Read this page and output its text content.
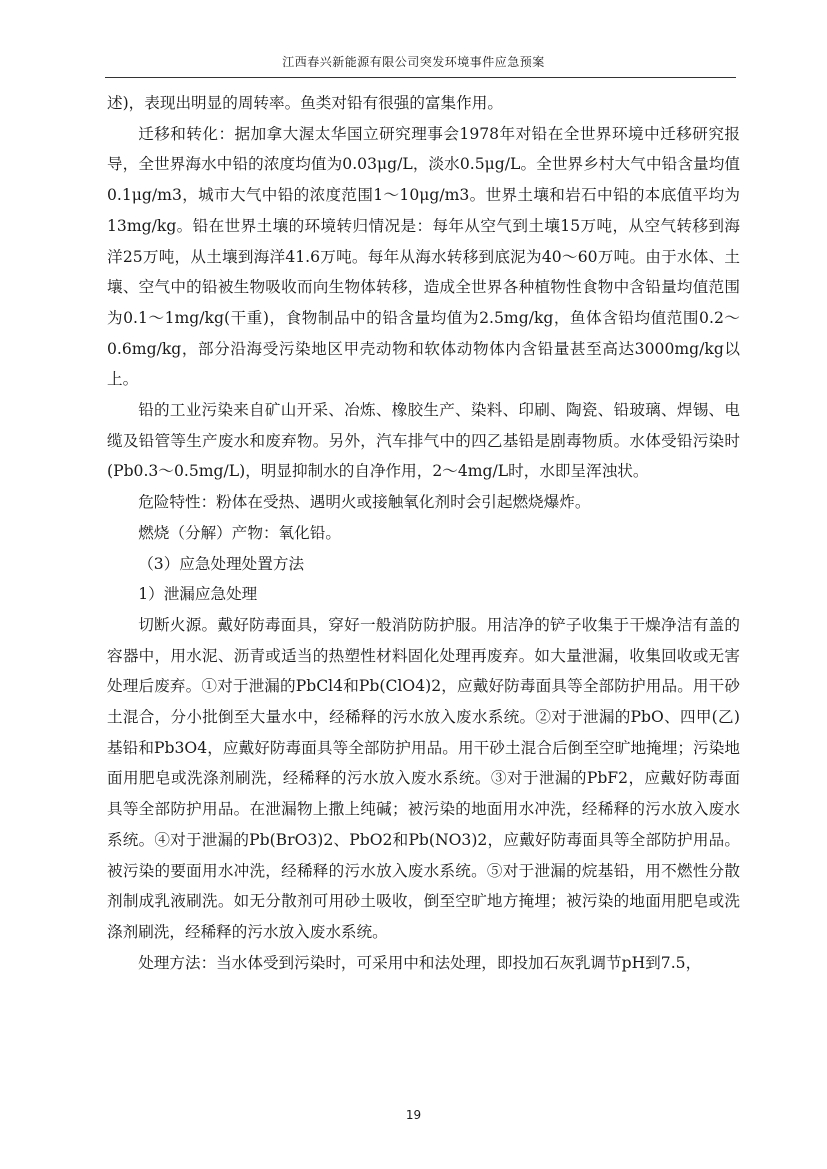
江西春兴新能源有限公司突发环境事件应急预案

述)，表现出明显的周转率。鱼类对铅有很强的富集作用。

迁移和转化：据加拿大渥太华国立研究理事会1978年对铅在全世界环境中迁移研究报导，全世界海水中铅的浓度均值为0.03μg/L，淡水0.5μg/L。全世界乡村大气中铅含量均值0.1μg/m3，城市大气中铅的浓度范围1～10μg/m3。世界土壤和岩石中铅的本底值平均为13mg/kg。铅在世界土壤的环境转归情况是：每年从空气到土壤15万吨，从空气转移到海洋25万吨，从土壤到海洋41.6万吨。每年从海水转移到底泥为40～60万吨。由于水体、土壤、空气中的铅被生物吸收而向生物体转移，造成全世界各种植物性食物中含铅量均值范围为0.1～1mg/kg(干重)，食物制品中的铅含量均值为2.5mg/kg，鱼体含铅均值范围0.2～0.6mg/kg，部分沿海受污染地区甲壳动物和软体动物体内含铅量甚至高达3000mg/kg以上。

铅的工业污染来自矿山开采、冶炼、橡胶生产、染料、印刷、陶瓷、铅玻璃、焊锡、电缆及铅管等生产废水和废弃物。另外，汽车排气中的四乙基铅是剧毒物质。水体受铅污染时(Pb0.3～0.5mg/L)，明显抑制水的自净作用，2～4mg/L时，水即呈浑浊状。

危险特性：粉体在受热、遇明火或接触氧化剂时会引起燃烧爆炸。

燃烧（分解）产物：氧化铅。

（3）应急处理处置方法

1）泄漏应急处理

切断火源。戴好防毒面具，穿好一般消防防护服。用洁净的铲子收集于干燥净洁有盖的容器中，用水泥、沥青或适当的热塑性材料固化处理再废弃。如大量泄漏，收集回收或无害处理后废弃。①对于泄漏的PbCl4和Pb(ClO4)2，应戴好防毒面具等全部防护用品。用干砂土混合，分小批倒至大量水中，经稀释的污水放入废水系统。②对于泄漏的PbO、四甲(乙)基铅和Pb3O4，应戴好防毒面具等全部防护用品。用干砂土混合后倒至空旷地掩埋；污染地面用肥皂或洗涤剂刷洗，经稀释的污水放入废水系统。③对于泄漏的PbF2，应戴好防毒面具等全部防护用品。在泄漏物上撒上纯碱；被污染的地面用水冲洗，经稀释的污水放入废水系统。④对于泄漏的Pb(BrO3)2、PbO2和Pb(NO3)2，应戴好防毒面具等全部防护用品。被污染的要面用水冲洗，经稀释的污水放入废水系统。⑤对于泄漏的烷基铅，用不燃性分散剂制成乳液刷洗。如无分散剂可用砂土吸收，倒至空旷地方掩埋；被污染的地面用肥皂或洗涤剂刷洗，经稀释的污水放入废水系统。

处理方法：当水体受到污染时，可采用中和法处理，即投加石灰乳调节pH到7.5，

19
